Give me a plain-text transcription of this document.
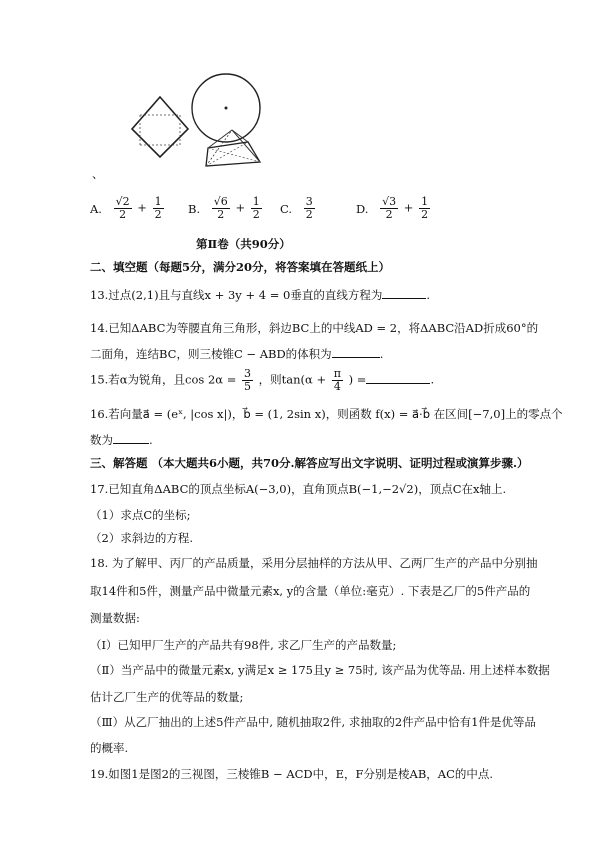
、
A. $\frac{√2}{2} + \frac{1}{2} B$. $\frac{√6}{2} + \frac{1}{2} C$. $\frac{3}{2}$	D. $\frac{√3}{2} + \frac{1}{2}$
第Ⅱ卷（共90分）
二、填空题（每题5分，满分20分，将答案填在答题纸上）
13.过点(2,1)且与直线x + 3y + 4 = 0垂直的直线方程为	.
14.已知ΔABC为等腰直角三角形，斜边BC上的中线AD = 2，将ΔABC沿AD折成60°的
二面角，连结BC，则三棱锥C − ABD的体积为	.
15.若α为锐角，且$\cos 2\alpha = \frac{3}{5}$ ，则$\tan(\alpha + \frac{\pi}{4}$ ) =	.
16.若向量a⃗ = (eˣ, |cos x|)，b⃗ = (1, 2sin x)，则函数 f(x) = a⃗·b⃗ 在区间[−7,0]上的零点个
数为	.
三、解答题 （本大题共6小题，共70分.解答应写出文字说明、证明过程或演算步骤.）
17.已知直角ΔABC的顶点坐标A(−3,0)，直角顶点B(−1,−2√2)，顶点C在x轴上.
（1）求点C的坐标;
（2）求斜边的方程.
18. 为了解甲、丙厂的产品质量，采用分层抽样的方法从甲、乙两厂生产的产品中分别抽
取14件和5件，测量产品中微量元素x, y的含量（单位:毫克）. 下表是乙厂的5件产品的
测量数据:
（Ⅰ）已知甲厂生产的产品共有98件, 求乙厂生产的产品数量;
（Ⅱ）当产品中的微量元素x, y满足x ≥ 175且y ≥ 75时, 该产品为优等品. 用上述样本数据
估计乙厂生产的优等品的数量;
（Ⅲ）从乙厂抽出的上述5件产品中, 随机抽取2件, 求抽取的2件产品中恰有1件是优等品
的概率.
19.如图1是图2的三视图，三棱锥B − ACD中，E，F分别是棱AB，AC的中点.
